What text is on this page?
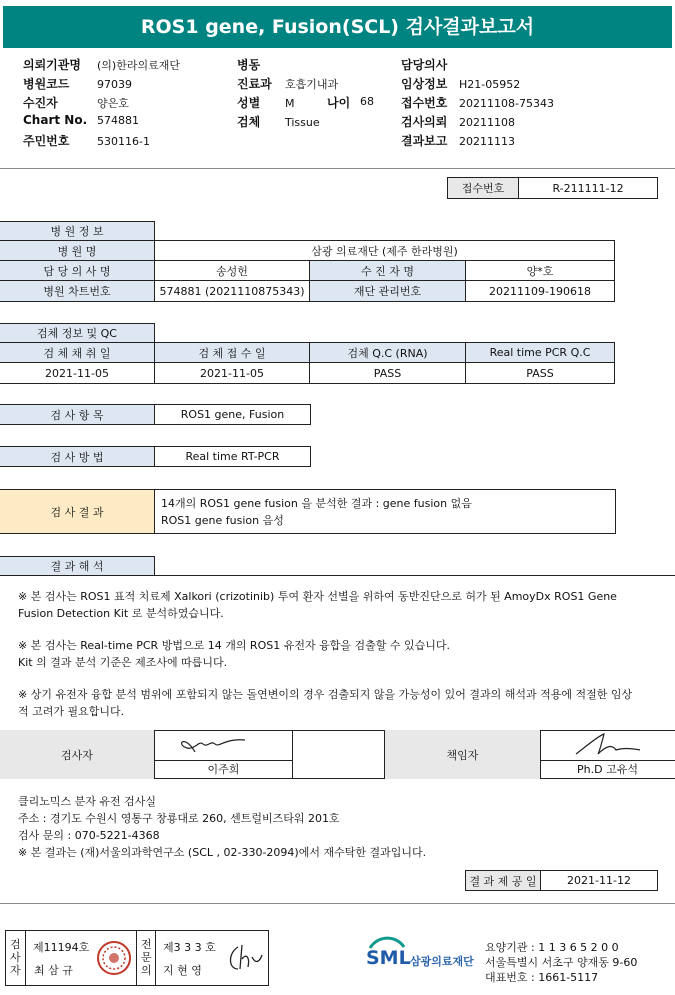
ROS1 gene, Fusion(SCL) 검사결과보고서
의뢰기관명 (의)한라의료재단
병원코드	97039
수진자	양은호
Chart No. 574881
주민번호	530116-1
병동
진료과 호흡기내과
성별 M	나이 68
검체 Tissue
담당의사
임상정보 H21-05952
접수번호 20211108-75343
검사의뢰 20211108
결과보고 20211113
접수번호	R-211111-12
병 원 정 보
병 원 명	삼광 의료재단 (제주 한라병원)
담 당 의 사 명	송성헌	수 진 자 명	양*호
병원 차트번호	574881 (2021110875343)	재단 관리번호	20211109-190618
검체 정보 및 QC
검 체 채 취 일	검 체 접 수 일	검체 Q.C (RNA)	Real time PCR Q.C
2021-11-05	2021-11-05	PASS	PASS
검 사 항 목	ROS1 gene, Fusion
검 사 방 법	Real time RT-PCR
검 사 결 과
14개의 ROS1 gene fusion 을 분석한 결과 : gene fusion 없음
ROS1 gene fusion 음성
결 과 해 석
※ 본 검사는 ROS1 표적 치료제 Xalkori (crizotinib) 투여 환자 선별을 위하여 동반진단으로 허가 된 AmoyDx ROS1 Gene
Fusion Detection Kit 로 분석하였습니다.
※ 본 검사는 Real-time PCR 방법으로 14 개의 ROS1 유전자 융합을 검출할 수 있습니다.
Kit 의 결과 분석 기준은 제조사에 따릅니다.
※ 상기 유전자 융합 분석 범위에 포함되지 않는 돌연변이의 경우 검출되지 않을 가능성이 있어 결과의 해석과 적용에 적절한 임상
적 고려가 필요합니다.
검사자
이주희
책임자
Ph.D 고유석
클리노믹스 분자 유전 검사실
주소 : 경기도 수원시 영통구 창룡대로 260, 센트럴비즈타워 201호
검사 문의 : 070-5221-4368
※ 본 결과는 (재)서울의과학연구소 (SCL , 02-330-2094)에서 재수탁한 결과입니다.
결 과 제 공 일	2021-11-12
검
사
자
제11194호
최 삼 규
전
문
의
제3 3 3 호
지 현 영
SML 삼광의료재단
요양기관 : 1 1 3 6 5 2 0 0
서울특별시 서초구 양재동 9-60
대표번호 : 1661-5117
